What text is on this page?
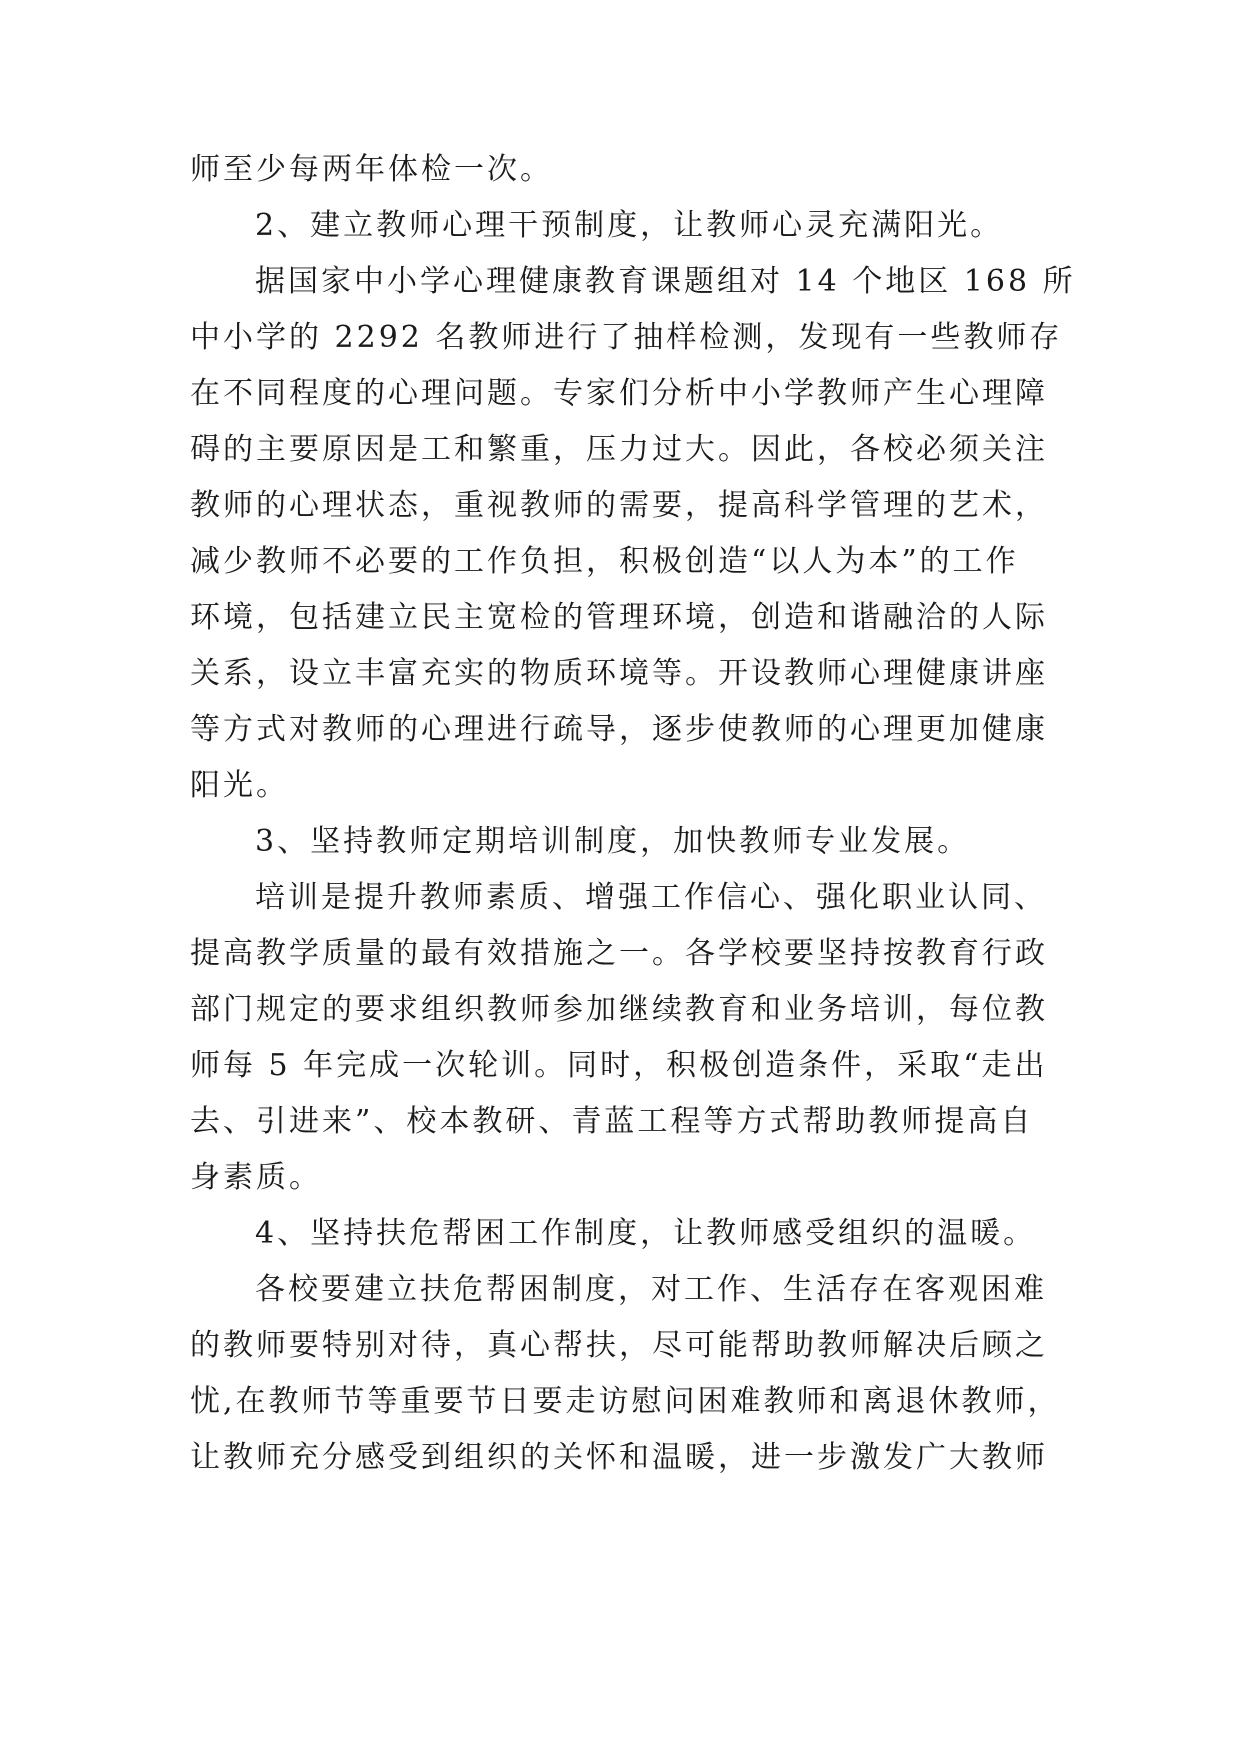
师至少每两年体检一次。
2、建立教师心理干预制度，让教师心灵充满阳光。
据国家中小学心理健康教育课题组对 14 个地区 168 所
中小学的 2292 名教师进行了抽样检测，发现有一些教师存
在不同程度的心理问题。专家们分析中小学教师产生心理障
碍的主要原因是工和繁重，压力过大。因此，各校必须关注
教师的心理状态，重视教师的需要，提高科学管理的艺术，
减少教师不必要的工作负担，积极创造“以人为本”的工作
环境，包括建立民主宽检的管理环境，创造和谐融洽的人际
关系，设立丰富充实的物质环境等。开设教师心理健康讲座
等方式对教师的心理进行疏导，逐步使教师的心理更加健康
阳光。
3、坚持教师定期培训制度，加快教师专业发展。
培训是提升教师素质、增强工作信心、强化职业认同、
提高教学质量的最有效措施之一。各学校要坚持按教育行政
部门规定的要求组织教师参加继续教育和业务培训，每位教
师每 5 年完成一次轮训。同时，积极创造条件，采取“走出
去、引进来”、校本教研、青蓝工程等方式帮助教师提高自
身素质。
4、坚持扶危帮困工作制度，让教师感受组织的温暖。
各校要建立扶危帮困制度，对工作、生活存在客观困难
的教师要特别对待，真心帮扶，尽可能帮助教师解决后顾之
忧,在教师节等重要节日要走访慰问困难教师和离退休教师，
让教师充分感受到组织的关怀和温暖，进一步激发广大教师
